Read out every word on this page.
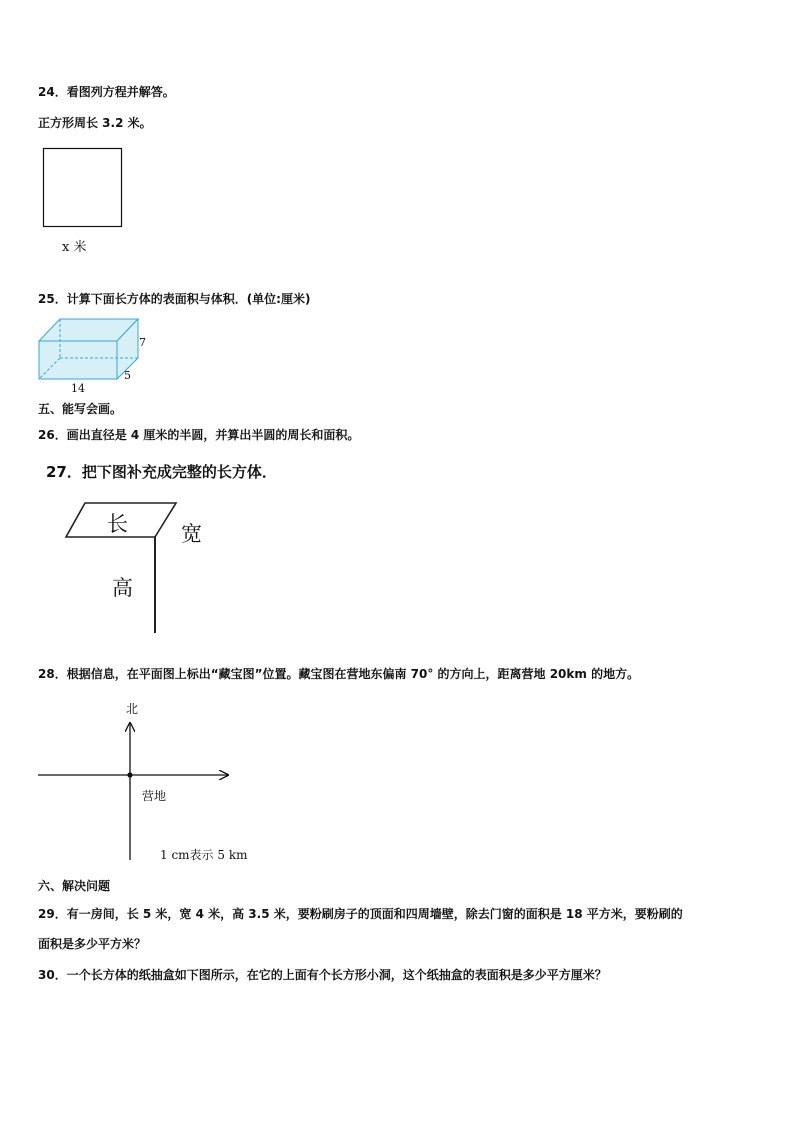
24．看图列方程并解答。
正方形周长 3.2 米。
x 米
25．计算下面长方体的表面积与体积．(单位:厘米)
7
5
14
五、能写会画。
26．画出直径是 4 厘米的半圆，并算出半圆的周长和面积。
27．把下图补充成完整的长方体．
长	宽
高
28．根据信息，在平面图上标出“藏宝图”位置。藏宝图在营地东偏南 70° 的方向上，距离营地 20km 的地方。
北
营地
1 cm表示 5 km
六、解决问题
29．有一房间，长 5 米，宽 4 米，高 3.5 米，要粉刷房子的顶面和四周墙壁，除去门窗的面积是 18 平方米，要粉刷的
面积是多少平方米？
30．一个长方体的纸抽盒如下图所示，在它的上面有个长方形小洞，这个纸抽盒的表面积是多少平方厘米？
